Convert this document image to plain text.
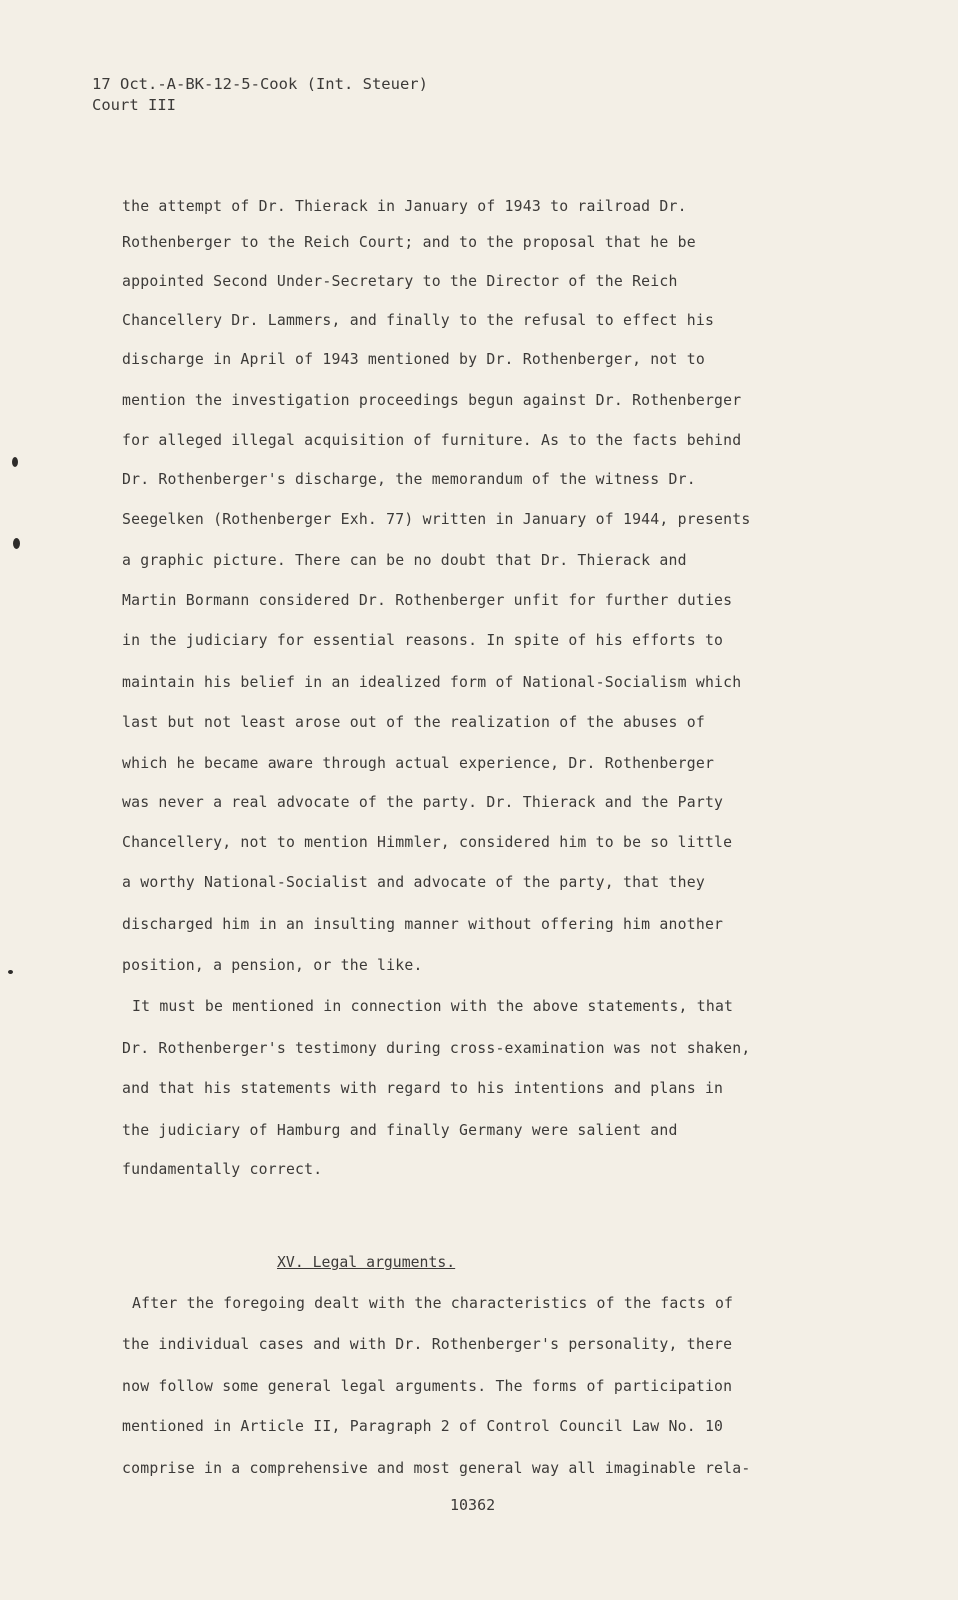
17 Oct.-A-BK-12-5-Cook (Int. Steuer)
Court III
the attempt of Dr. Thierack in January of 1943 to railroad Dr.
Rothenberger to the Reich Court; and to the proposal that he be
appointed Second Under-Secretary to the Director of the Reich
Chancellery Dr. Lammers, and finally to the refusal to effect his
discharge in April of 1943 mentioned by Dr. Rothenberger, not to
mention the investigation proceedings begun against Dr. Rothenberger
for alleged illegal acquisition of furniture. As to the facts behind
Dr. Rothenberger's discharge, the memorandum of the witness Dr.
Seegelken (Rothenberger Exh. 77) written in January of 1944, presents
a graphic picture. There can be no doubt that Dr. Thierack and
Martin Bormann considered Dr. Rothenberger unfit for further duties
in the judiciary for essential reasons. In spite of his efforts to
maintain his belief in an idealized form of National-Socialism which
last but not least arose out of the realization of the abuses of
which he became aware through actual experience, Dr. Rothenberger
was never a real advocate of the party. Dr. Thierack and the Party
Chancellery, not to mention Himmler, considered him to be so little
a worthy National-Socialist and advocate of the party, that they
discharged him in an insulting manner without offering him another
position, a pension, or the like.
It must be mentioned in connection with the above statements, that
Dr. Rothenberger's testimony during cross-examination was not shaken,
and that his statements with regard to his intentions and plans in
the judiciary of Hamburg and finally Germany were salient and
fundamentally correct.
XV. Legal arguments.
After the foregoing dealt with the characteristics of the facts of
the individual cases and with Dr. Rothenberger's personality, there
now follow some general legal arguments. The forms of participation
mentioned in Article II, Paragraph 2 of Control Council Law No. 10
comprise in a comprehensive and most general way all imaginable rela-
10362
